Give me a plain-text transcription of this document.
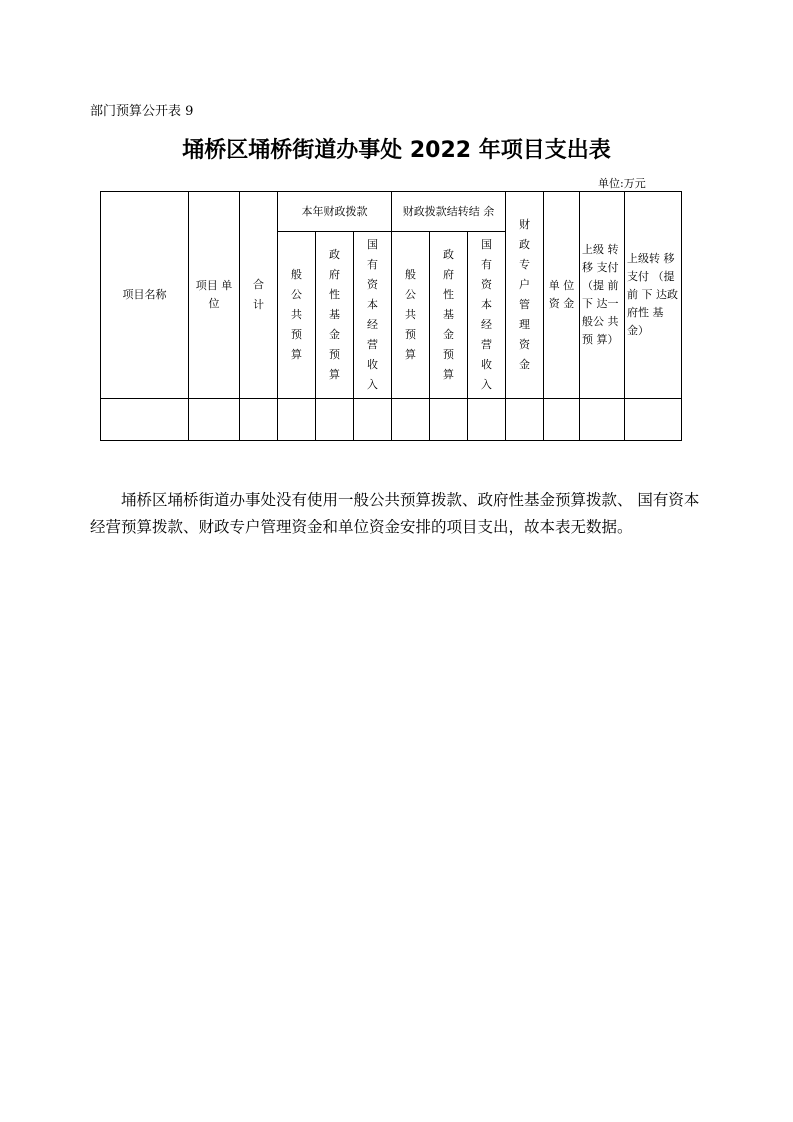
部门预算公开表 9
埇桥区埇桥街道办事处 2022 年项目支出表
单位:万元
项目名称	项目 单位	合计	本年财政拨款			财政拨款结转结 余			财政专户管理资金	单 位 资 金	上级 转 移 支付 （提 前 下 达一 般公 共 预 算）	上级转 移 支付 （提前 下 达政 府性 基 金）
			般公共预算	政府性基金预算	国有资本经营收入	般公共预算	政府性基金预算	国有资本经营收入				

埇桥区埇桥街道办事处没有使用一般公共预算拨款、政府性基金预算拨款、 国有资本经营预算拨款、财政专户管理资金和单位资金安排的项目支出，故本表无数据。
